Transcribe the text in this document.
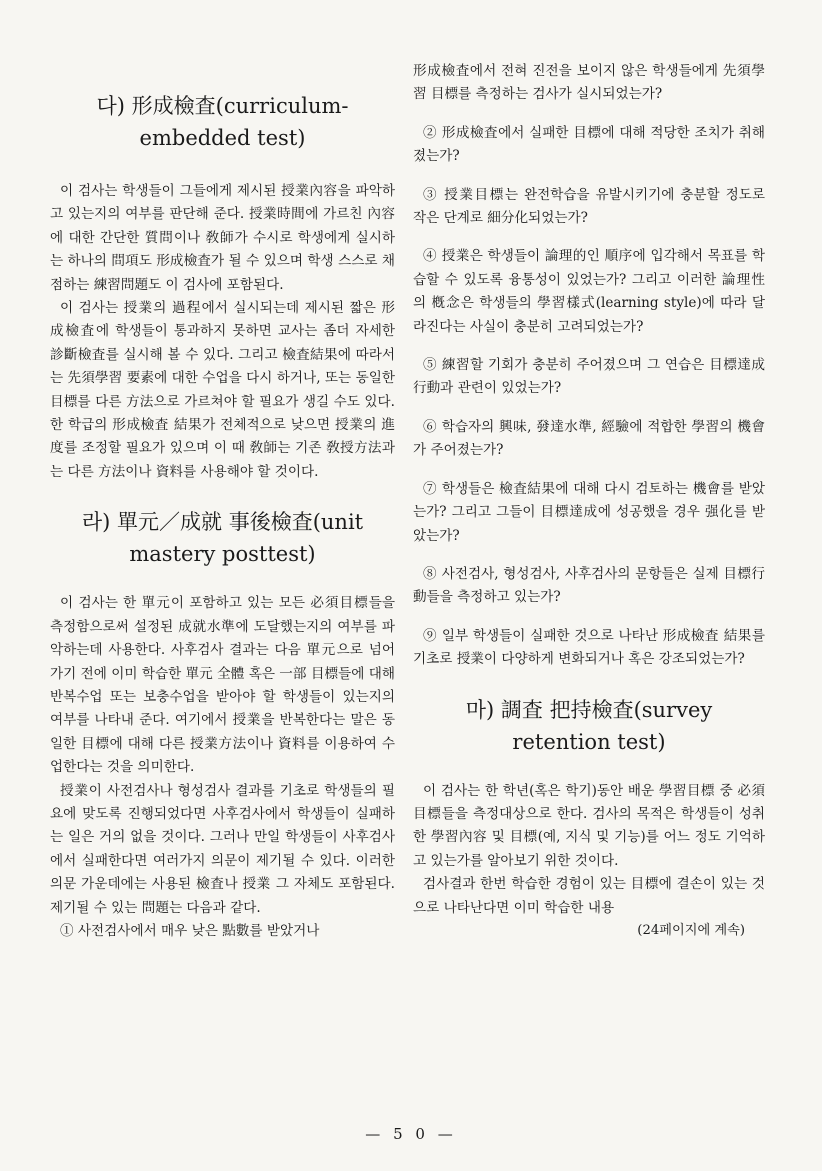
다) 形成檢査(curriculum-embedded test)

이 검사는 학생들이 그들에게 제시된 授業內容을 파악하고 있는지의 여부를 판단해 준다. 授業時間에 가르친 內容에 대한 간단한 質問이나 敎師가 수시로 학생에게 실시하는 하나의 問項도 形成檢査가 될 수 있으며 학생 스스로 채점하는 練習問題도 이 검사에 포함된다.

이 검사는 授業의 過程에서 실시되는데 제시된 짧은 形成檢査에 학생들이 통과하지 못하면 교사는 좀더 자세한 診斷檢査를 실시해 볼 수 있다. 그리고 檢査結果에 따라서는 先須學習 要素에 대한 수업을 다시 하거나, 또는 동일한 目標를 다른 方法으로 가르쳐야 할 필요가 생길 수도 있다. 한 학급의 形成檢査 結果가 전체적으로 낮으면 授業의 進度를 조정할 필요가 있으며 이 때 敎師는 기존 敎授方法과는 다른 方法이나 資料를 사용해야 할 것이다.

라) 單元／成就 事後檢査(unit mastery posttest)

이 검사는 한 單元이 포함하고 있는 모든 必須目標들을 측정함으로써 설정된 成就水準에 도달했는지의 여부를 파악하는데 사용한다. 사후검사 결과는 다음 單元으로 넘어가기 전에 이미 학습한 單元 全體 혹은 一部 目標들에 대해 반복수업 또는 보충수업을 받아야 할 학생들이 있는지의 여부를 나타내 준다. 여기에서 授業을 반복한다는 말은 동일한 目標에 대해 다른 授業方法이나 資料를 이용하여 수업한다는 것을 의미한다.

授業이 사전검사나 형성검사 결과를 기초로 학생들의 필요에 맞도록 진행되었다면 사후검사에서 학생들이 실패하는 일은 거의 없을 것이다. 그러나 만일 학생들이 사후검사에서 실패한다면 여러가지 의문이 제기될 수 있다. 이러한 의문 가운데에는 사용된 檢査나 授業 그 자체도 포함된다. 제기될 수 있는 問題는 다음과 같다.

① 사전검사에서 매우 낮은 點數를 받았거나

形成檢査에서 전혀 진전을 보이지 않은 학생들에게 先須學習 目標를 측정하는 검사가 실시되었는가?

② 形成檢査에서 실패한 目標에 대해 적당한 조치가 취해졌는가?

③ 授業目標는 완전학습을 유발시키기에 충분할 정도로 작은 단계로 細分化되었는가?

④ 授業은 학생들이 論理的인 順序에 입각해서 목표를 학습할 수 있도록 융통성이 있었는가? 그리고 이러한 論理性의 槪念은 학생들의 學習樣式(learning style)에 따라 달라진다는 사실이 충분히 고려되었는가?

⑤ 練習할 기회가 충분히 주어졌으며 그 연습은 目標達成 行動과 관련이 있었는가?

⑥ 학습자의 興味, 發達水準, 經驗에 적합한 學習의 機會가 주어졌는가?

⑦ 학생들은 檢査結果에 대해 다시 검토하는 機會를 받았는가? 그리고 그들이 目標達成에 성공했을 경우 强化를 받았는가?

⑧ 사전검사, 형성검사, 사후검사의 문항들은 실제 目標行動들을 측정하고 있는가?

⑨ 일부 학생들이 실패한 것으로 나타난 形成檢査 結果를 기초로 授業이 다양하게 변화되거나 혹은 강조되었는가?

마) 調査 把持檢査(survey retention test)

이 검사는 한 학년(혹은 학기)동안 배운 學習目標 중 必須目標들을 측정대상으로 한다. 검사의 목적은 학생들이 성취한 學習內容 및 目標(예, 지식 및 기능)를 어느 정도 기억하고 있는가를 알아보기 위한 것이다.

검사결과 한번 학습한 경험이 있는 目標에 결손이 있는 것으로 나타난다면 이미 학습한 내용

(24페이지에 계속)

— 5 0 —
